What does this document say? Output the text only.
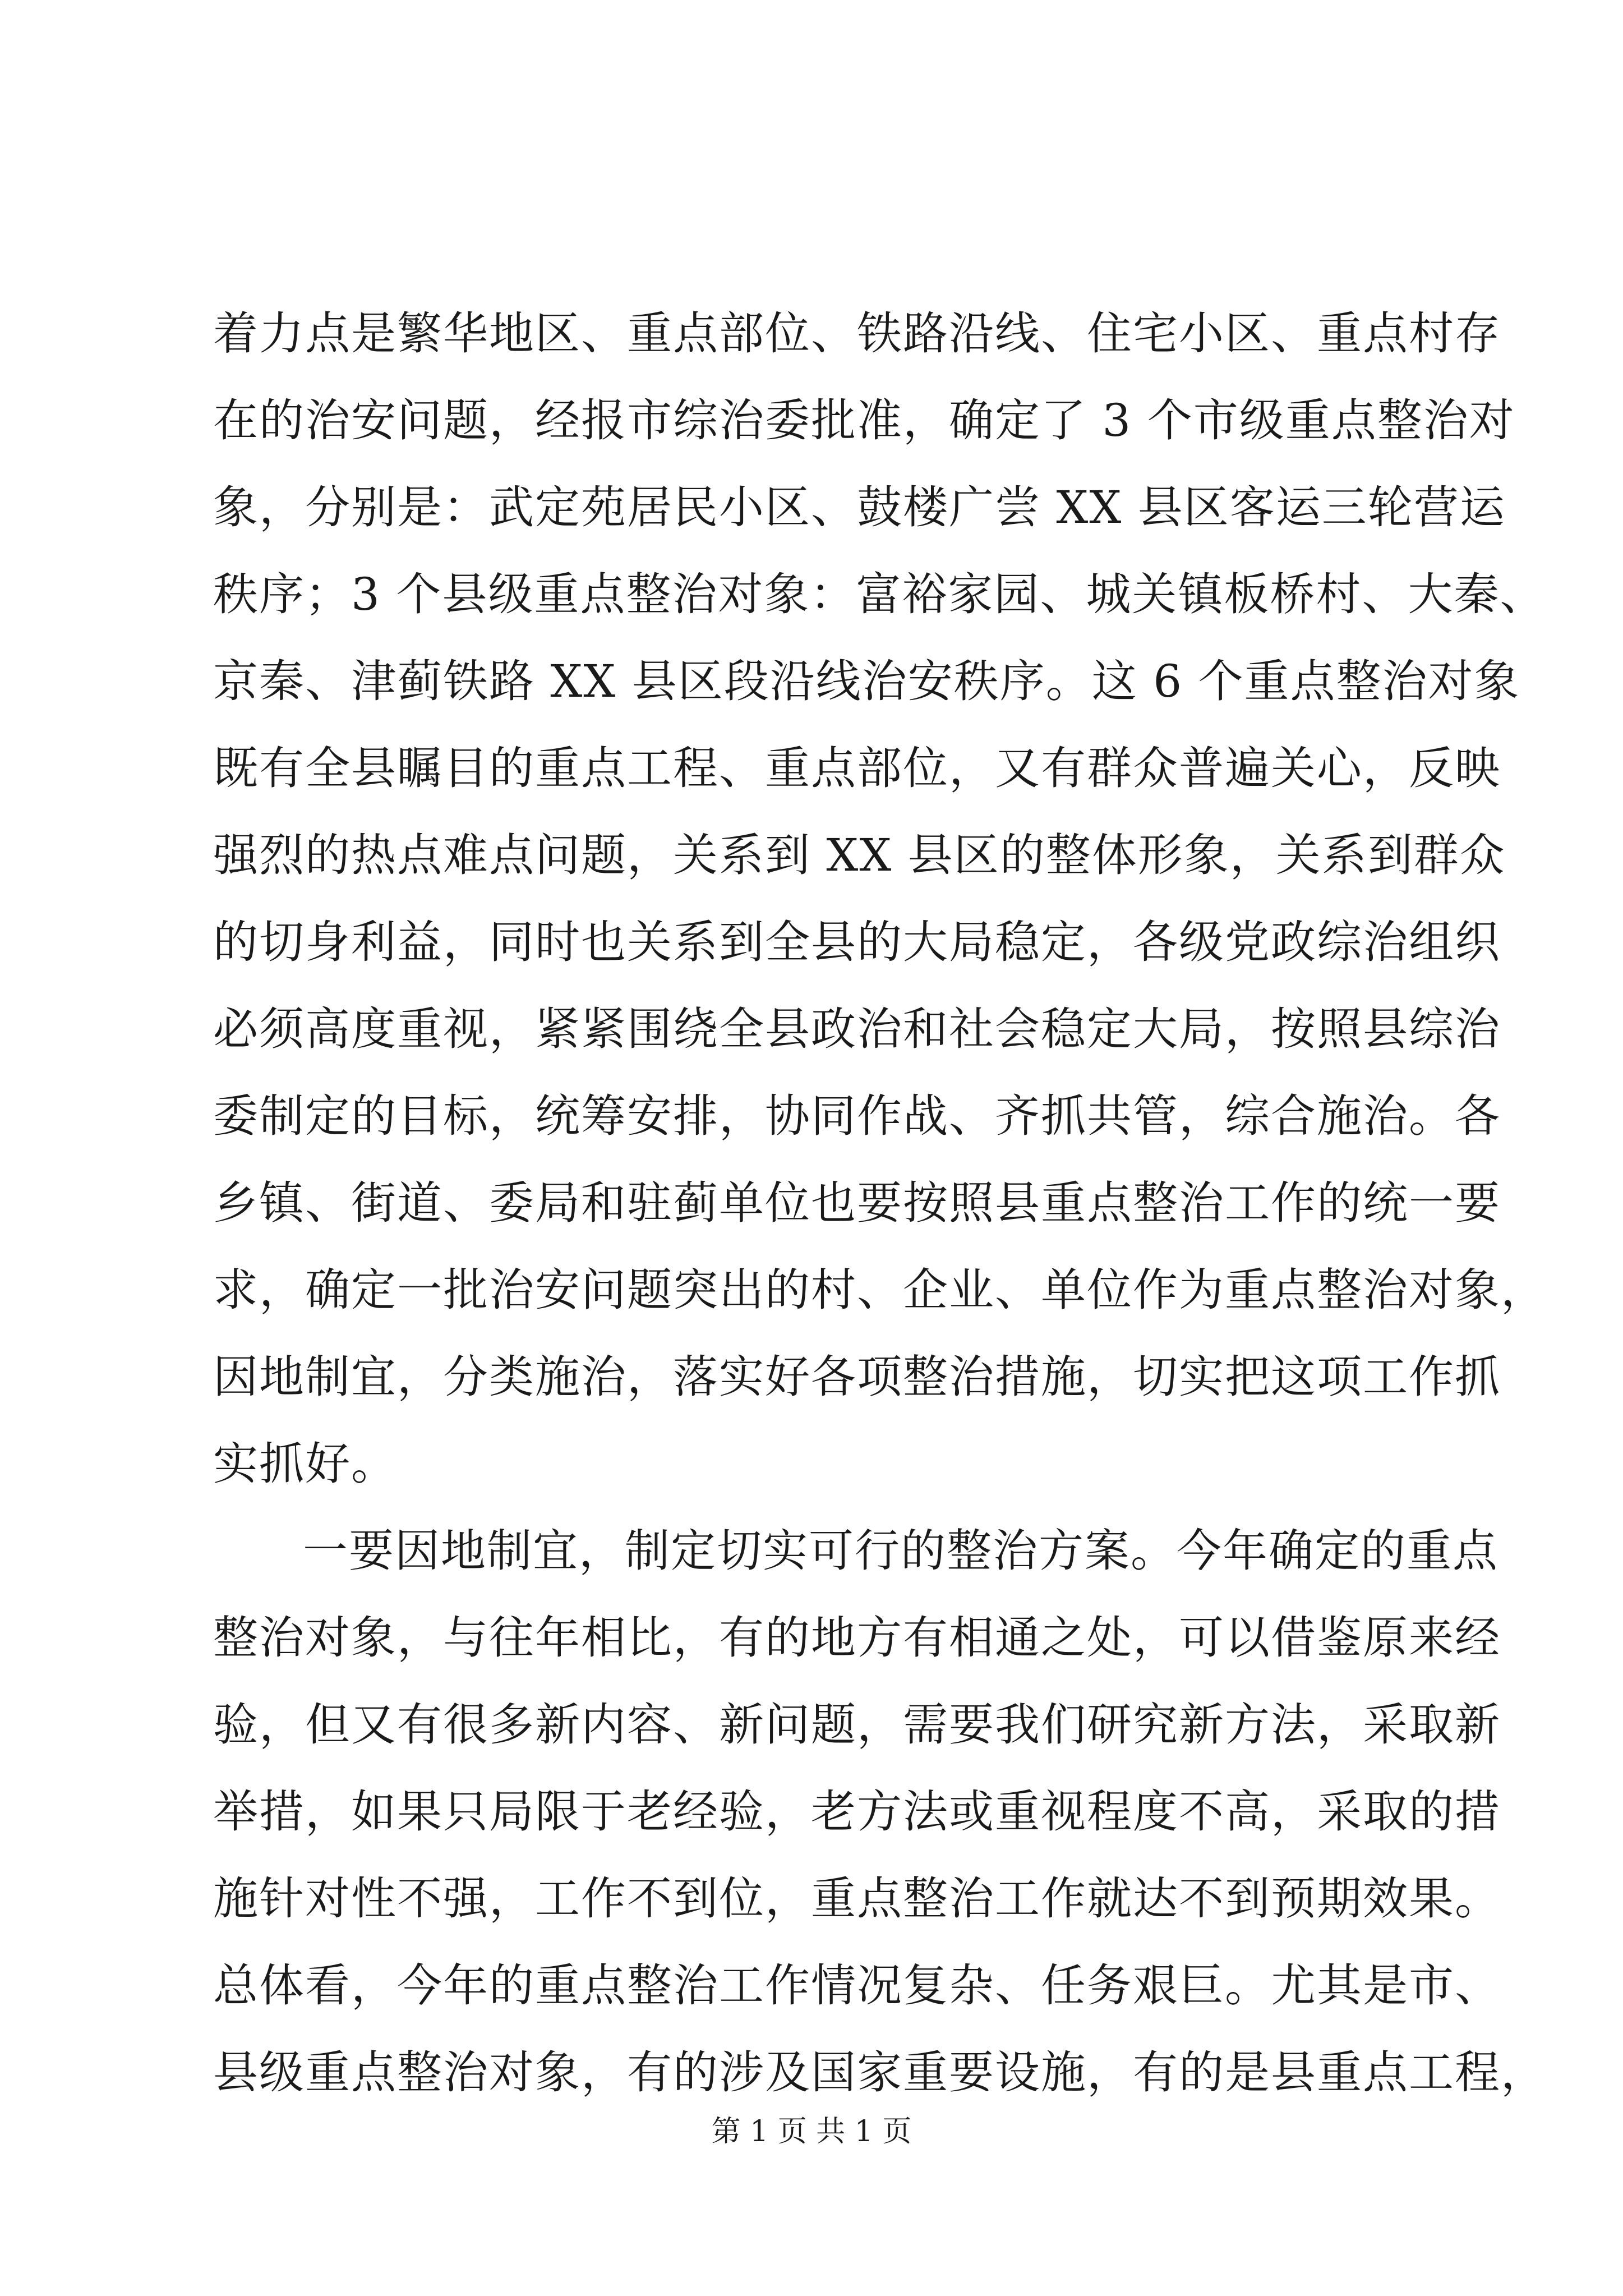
着力点是繁华地区、重点部位、铁路沿线、住宅小区、重点村存
在的治安问题，经报市综治委批准，确定了 3 个市级重点整治对
象，分别是：武定苑居民小区、鼓楼广尝 XX 县区客运三轮营运
秩序；3 个县级重点整治对象：富裕家园、城关镇板桥村、大秦、
京秦、津蓟铁路 XX 县区段沿线治安秩序。这 6 个重点整治对象
既有全县瞩目的重点工程、重点部位，又有群众普遍关心，反映
强烈的热点难点问题，关系到 XX 县区的整体形象，关系到群众
的切身利益，同时也关系到全县的大局稳定，各级党政综治组织
必须高度重视，紧紧围绕全县政治和社会稳定大局，按照县综治
委制定的目标，统筹安排，协同作战、齐抓共管，综合施治。各
乡镇、街道、委局和驻蓟单位也要按照县重点整治工作的统一要
求，确定一批治安问题突出的村、企业、单位作为重点整治对象，
因地制宜，分类施治，落实好各项整治措施，切实把这项工作抓
实抓好。
一要因地制宜，制定切实可行的整治方案。今年确定的重点
整治对象，与往年相比，有的地方有相通之处，可以借鉴原来经
验，但又有很多新内容、新问题，需要我们研究新方法，采取新
举措，如果只局限于老经验，老方法或重视程度不高，采取的措
施针对性不强，工作不到位，重点整治工作就达不到预期效果。
总体看，今年的重点整治工作情况复杂、任务艰巨。尤其是市、
县级重点整治对象，有的涉及国家重要设施，有的是县重点工程，
第 1 页 共 1 页
